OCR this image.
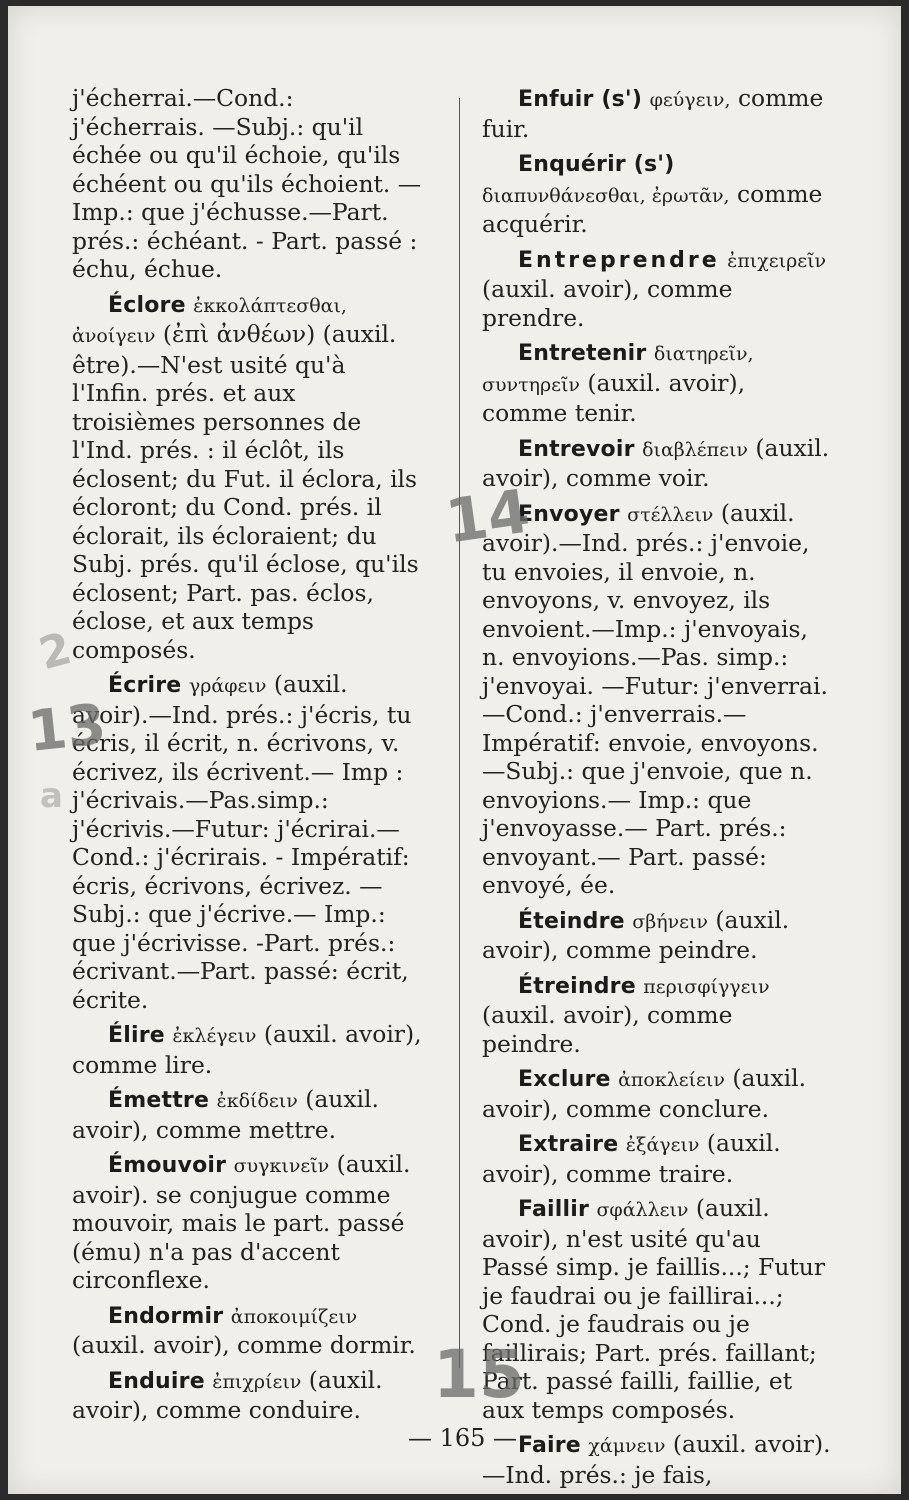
j'écherrai.—Cond.: j'écherrais. —Subj.: qu'il échée ou qu'il échoie, qu'ils échéent ou qu'ils échoient. — Imp.: que j'échusse.—Part. prés.: échéant. - Part. passé : échu, échue.

Éclore ἐκκολάπτεσθαι, ἀνοίγειν (ἐπὶ ἀνθέων) (auxil. être).—N'est usité qu'à l'Infin. prés. et aux troisièmes personnes de l'Ind. prés. : il éclôt, ils éclosent; du Fut. il éclora, ils écloront; du Cond. prés. il éclorait, ils écloraient; du Subj. prés. qu'il éclose, qu'ils éclosent; Part. pas. éclos, éclose, et aux temps composés.

Écrire γράφειν (auxil. avoir).—Ind. prés.: j'écris, tu écris, il écrit, n. écrivons, v. écrivez, ils écrivent.— Imp : j'écrivais.—Pas.simp.: j'écrivis.—Futur: j'écrirai.— Cond.: j'écrirais. - Impératif: écris, écrivons, écrivez. —Subj.: que j'écrive.— Imp.: que j'écrivisse. -Part. prés.: écrivant.—Part. passé: écrit, écrite.

Élire ἐκλέγειν (auxil. avoir), comme lire.

Émettre ἐκδίδειν (auxil. avoir), comme mettre.

Émouvoir συγκινεῖν (auxil. avoir). se conjugue comme mouvoir, mais le part. passé (ému) n'a pas d'accent circonflexe.

Endormir ἀποκοιμίζειν (auxil. avoir), comme dormir.

Enduire ἐπιχρίειν (auxil. avoir), comme conduire.

Enfuir (s') φεύγειν, comme fuir.

Enquérir (s') διαπυνθάνεσθαι, ἐρωτᾶν, comme acquérir.

Entreprendre ἐπιχειρεῖν (auxil. avoir), comme prendre.

Entretenir διατηρεῖν, συντηρεῖν (auxil. avoir), comme tenir.

Entrevoir διαβλέπειν (auxil. avoir), comme voir.

Envoyer στέλλειν (auxil. avoir).—Ind. prés.: j'envoie, tu envoies, il envoie, n. envoyons, v. envoyez, ils envoient.—Imp.: j'envoyais, n. envoyions.—Pas. simp.: j'envoyai. —Futur: j'enverrai.—Cond.: j'enverrais.—Impératif: envoie, envoyons.—Subj.: que j'envoie, que n. envoyions.— Imp.: que j'envoyasse.— Part. prés.: envoyant.— Part. passé: envoyé, ée.

Éteindre σβήνειν (auxil. avoir), comme peindre.

Étreindre περισφίγγειν (auxil. avoir), comme peindre.

Exclure ἀποκλείειν (auxil. avoir), comme conclure.

Extraire ἐξάγειν (auxil. avoir), comme traire.

Faillir σφάλλειν (auxil. avoir), n'est usité qu'au Passé simp. je faillis...; Futur je faudrai ou je faillirai...; Cond. je faudrais ou je faillirais; Part. prés. faillant; Part. passé failli, faillie, et aux temps composés.

Faire χάμνειν (auxil. avoir).—Ind. prés.: je fais,

14
13
15
2
a
— 165 —
